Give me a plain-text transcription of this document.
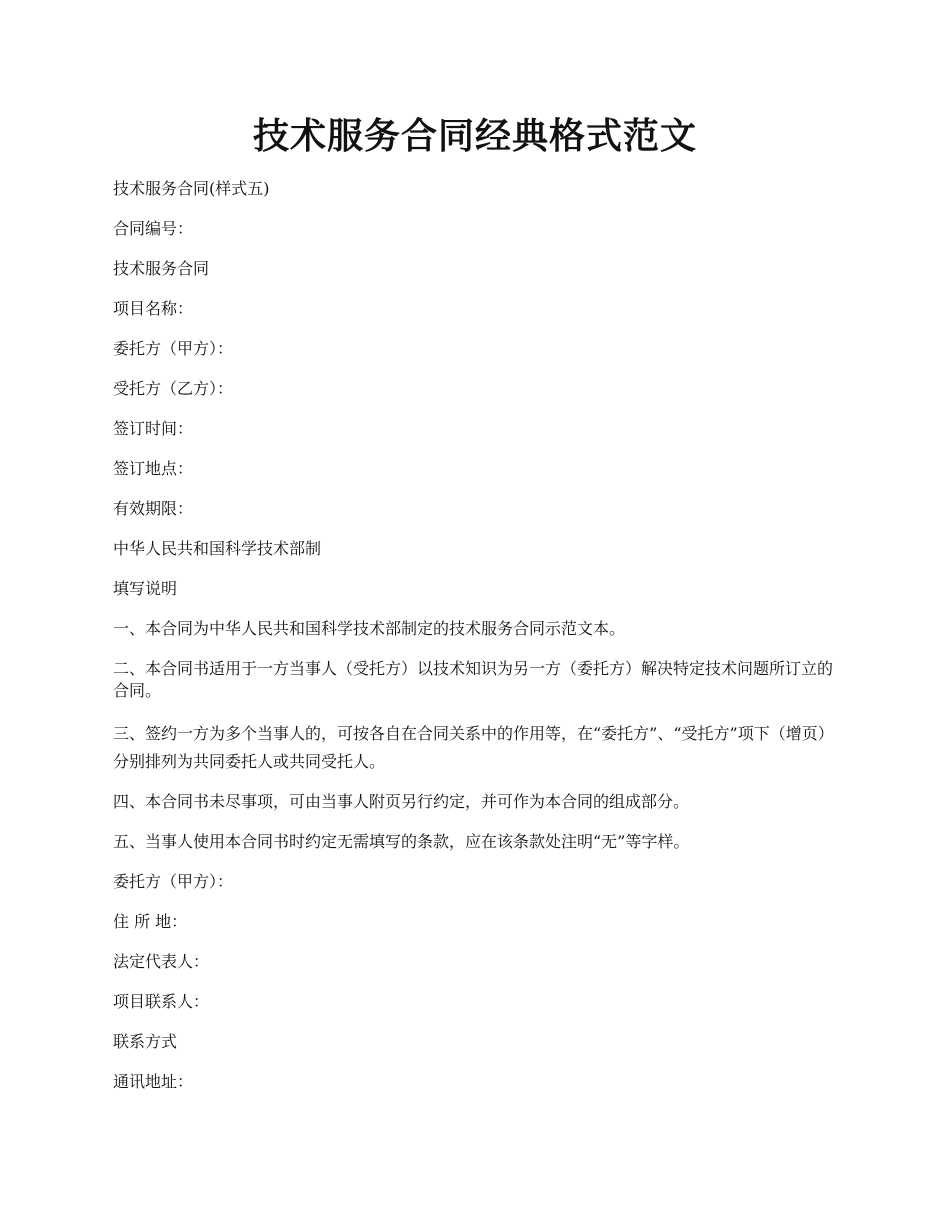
技术服务合同经典格式范文

技术服务合同(样式五)

合同编号：

技术服务合同

项目名称：

委托方（甲方）：

受托方（乙方）：

签订时间：

签订地点：

有效期限：

中华人民共和国科学技术部制

填写说明

一、本合同为中华人民共和国科学技术部制定的技术服务合同示范文本。

二、本合同书适用于一方当事人（受托方）以技术知识为另一方（委托方）解决特定技术问题所订立的合同。

三、签约一方为多个当事人的，可按各自在合同关系中的作用等，在“委托方”、“受托方”项下（增页）分别排列为共同委托人或共同受托人。

四、本合同书未尽事项，可由当事人附页另行约定，并可作为本合同的组成部分。

五、当事人使用本合同书时约定无需填写的条款，应在该条款处注明“无”等字样。

委托方（甲方）：

住 所 地：

法定代表人：

项目联系人：

联系方式

通讯地址：
